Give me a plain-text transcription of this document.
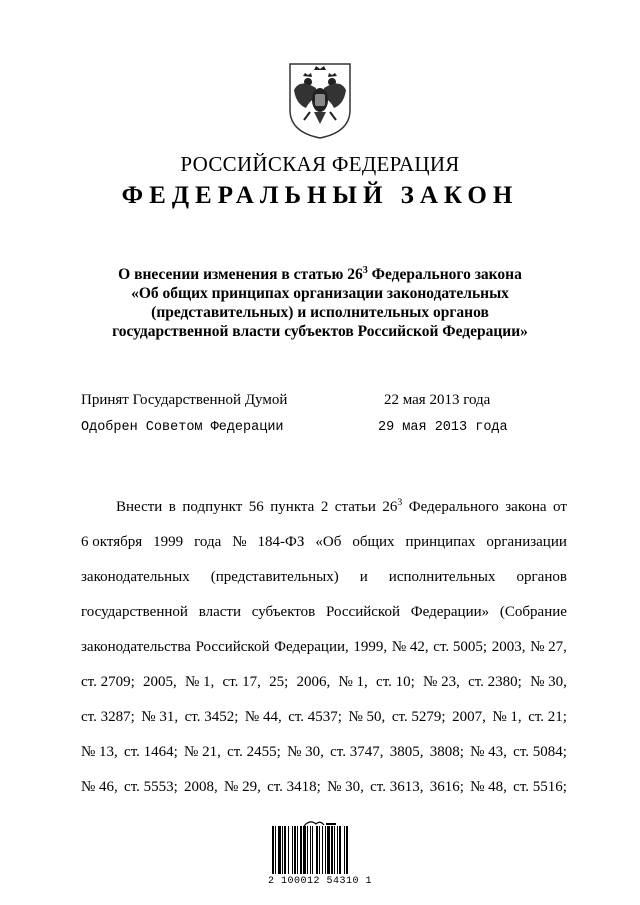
РОССИЙСКАЯ ФЕДЕРАЦИЯ
ФЕДЕРАЛЬНЫЙ ЗАКОН
О внесении изменения в статью $26^3$ Федерального закона
«Об общих принципах организации законодательных
(представительных) и исполнительных органов
государственной власти субъектов Российской Федерации»
Принят Государственной Думой	22 мая 2013 года
Одобрен Советом Федерации	29 мая 2013 года
Внести в подпункт 56 пункта 2 статьи $26^3$ Федерального закона от
6 октября 1999 года № 184-ФЗ «Об общих принципах организации
законодательных (представительных) и исполнительных органов
государственной власти субъектов Российской Федерации» (Собрание
законодательства Российской Федерации, 1999, № 42, ст. 5005; 2003, № 27,
ст. 2709; 2005, № 1, ст. 17, 25; 2006, № 1, ст. 10; № 23, ст. 2380; № 30,
ст. 3287; № 31, ст. 3452; № 44, ст. 4537; № 50, ст. 5279; 2007, № 1, ст. 21;
№ 13, ст. 1464; № 21, ст. 2455; № 30, ст. 3747, 3805, 3808; № 43, ст. 5084;
№ 46, ст. 5553; 2008, № 29, ст. 3418; № 30, ст. 3613, 3616; № 48, ст. 5516;
2 100012 54310 1
